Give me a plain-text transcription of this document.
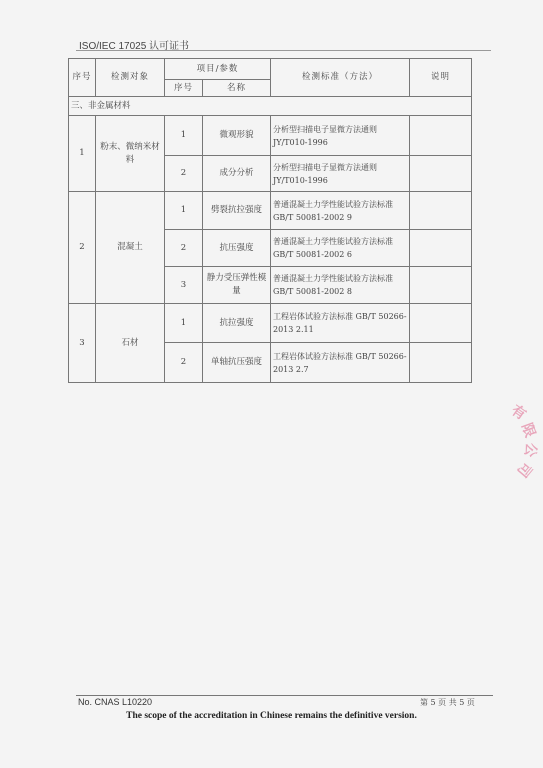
ISO/IEC 17025 认可证书
序号	检测对象	项目/参数		检测标准（方法）	说明
		序号	名称		
三、非金属材料					
1	粉末、微纳米材料	1	微观形貌	分析型扫描电子显微方法通则 JY/T010-1996	
		2	成分分析	分析型扫描电子显微方法通则 JY/T010-1996	
2	混凝土	1	劈裂抗拉强度	普通混凝土力学性能试验方法标准 GB/T 50081-2002 9	
		2	抗压强度	普通混凝土力学性能试验方法标准 GB/T 50081-2002 6	
		3	静力受压弹性模量	普通混凝土力学性能试验方法标准 GB/T 50081-2002 8	
3	石材	1	抗拉强度	工程岩体试验方法标准 GB/T 50266-2013 2.11	
		2	单轴抗压强度	工程岩体试验方法标准 GB/T 50266-2013 2.7	
有
限
公
司
No. CNAS L10220	第 5 页 共 5 页
The scope of the accreditation in Chinese remains the definitive version.
